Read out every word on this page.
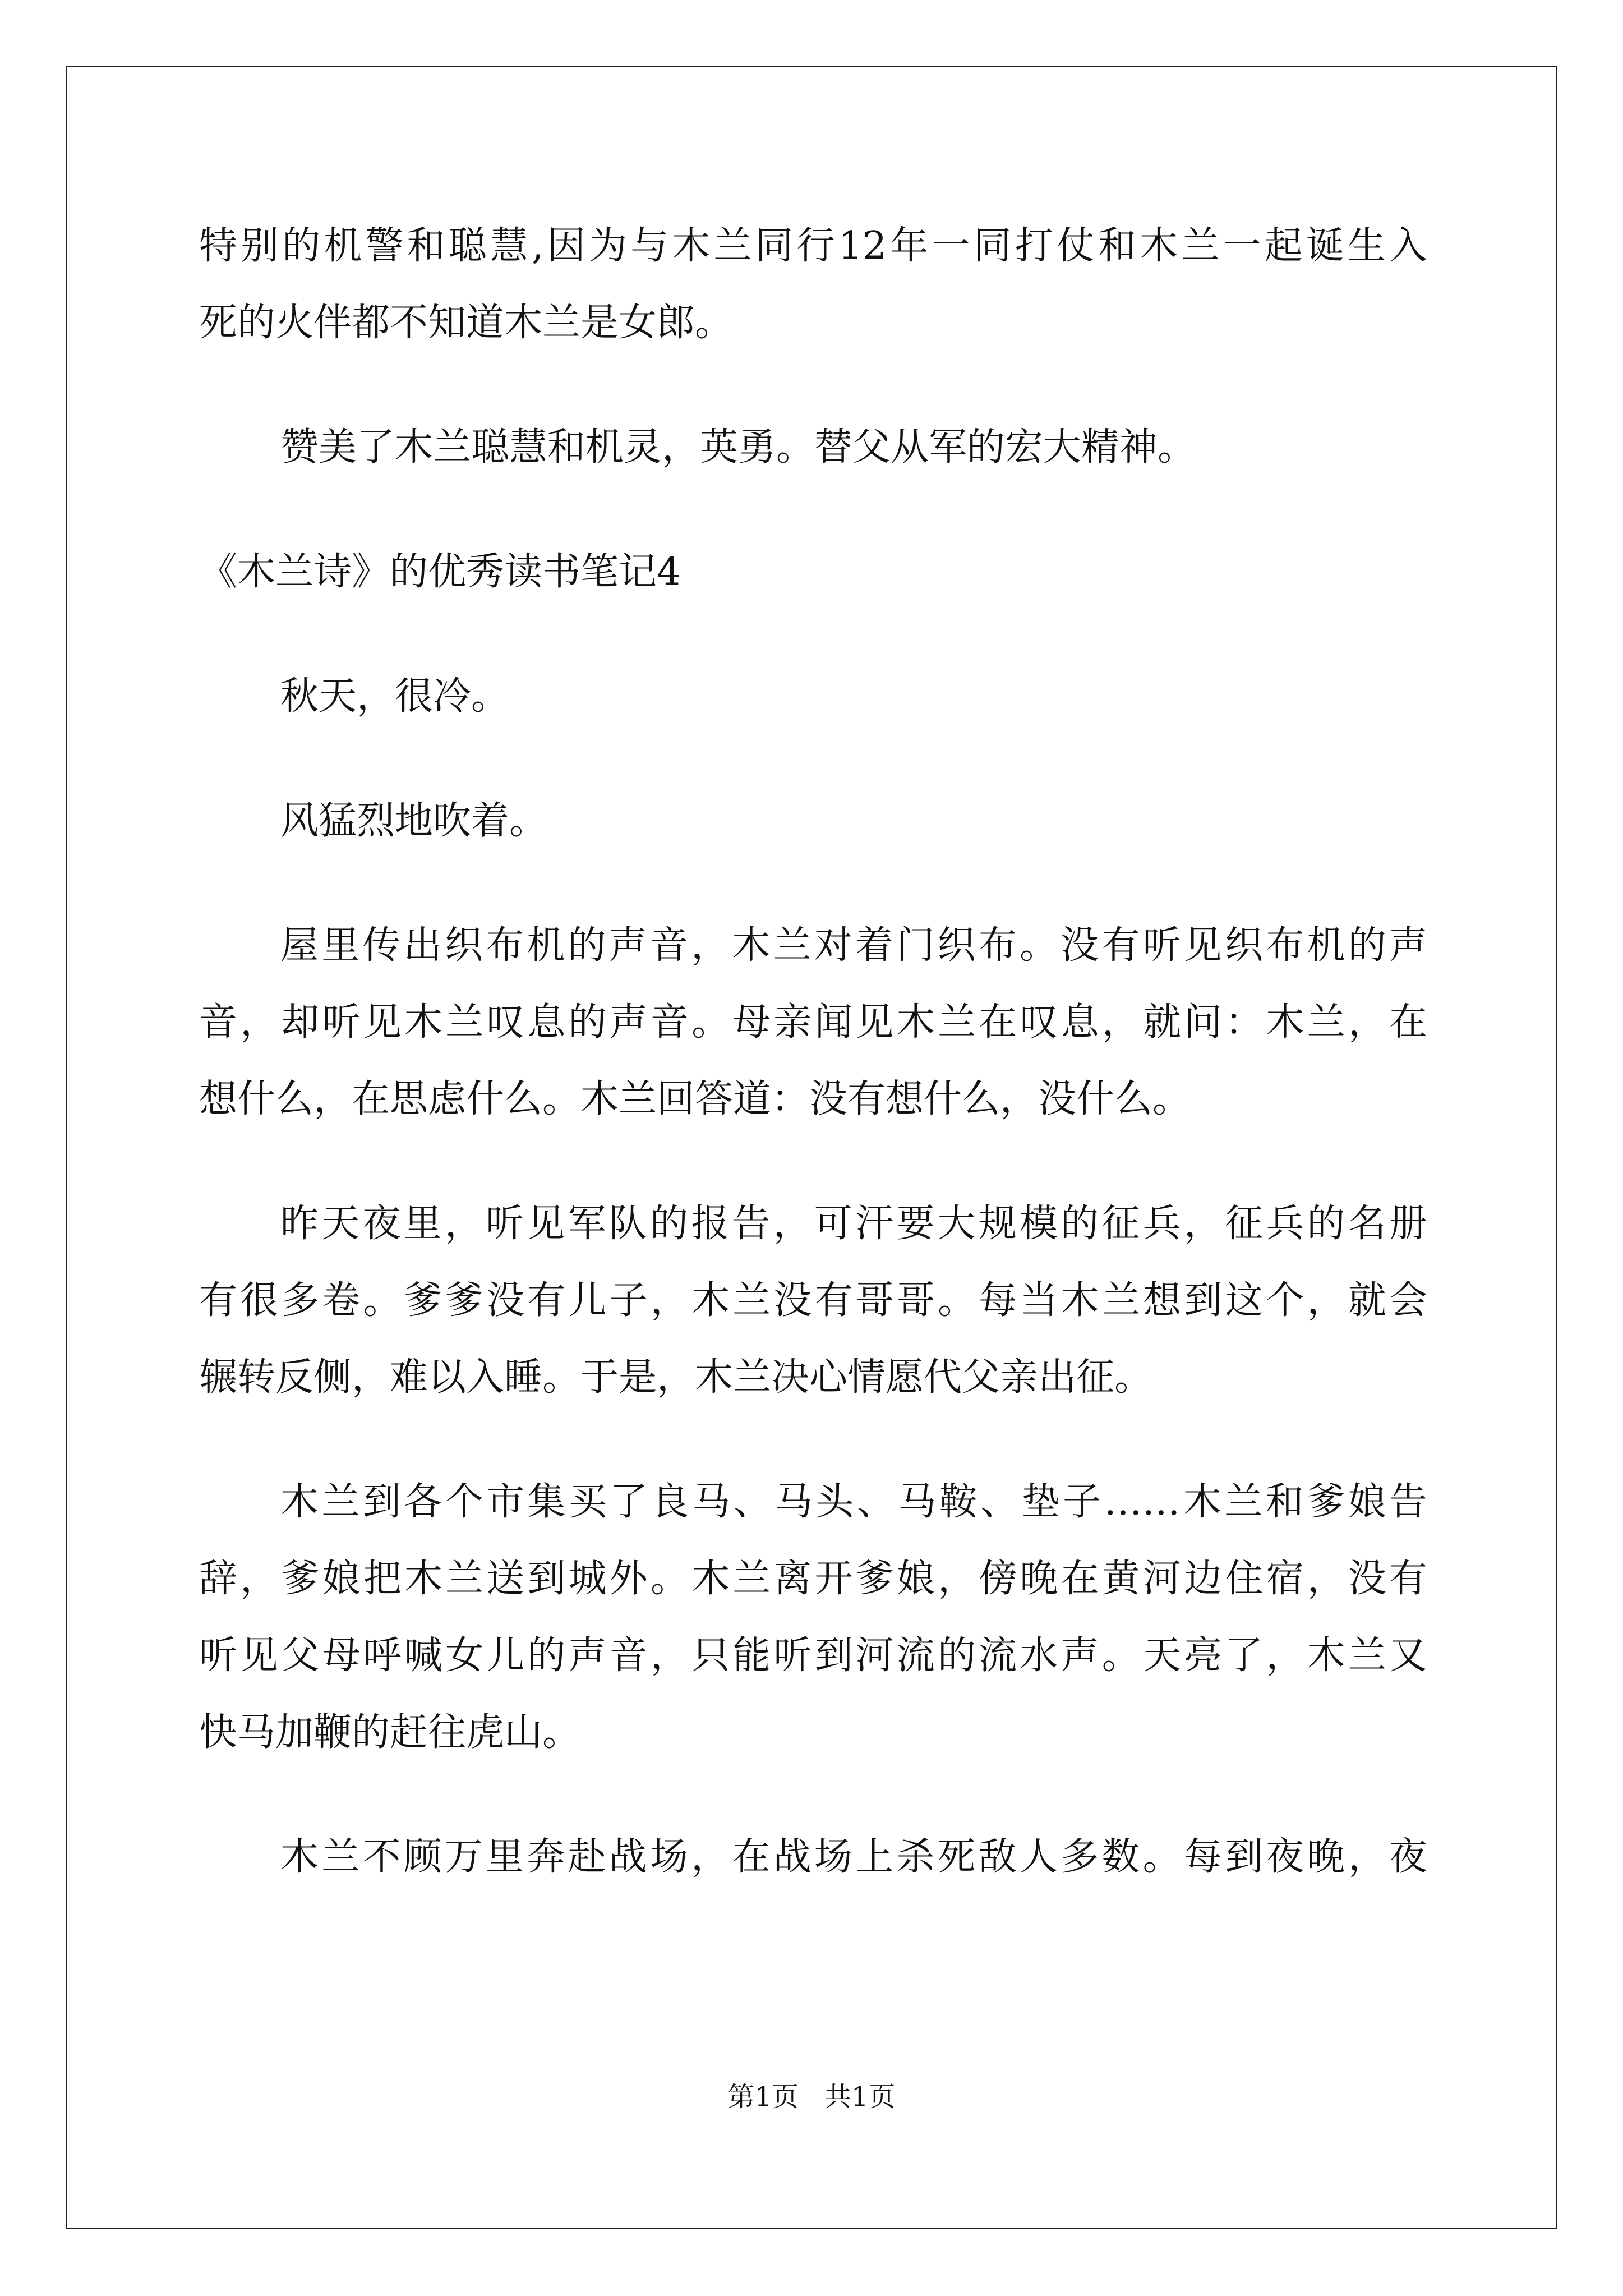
特别的机警和聪慧,因为与木兰同行12年一同打仗和木兰一起诞生入
死的火伴都不知道木兰是女郎。
赞美了木兰聪慧和机灵，英勇。替父从军的宏大精神。
《木兰诗》的优秀读书笔记4
秋天，很冷。
风猛烈地吹着。
屋里传出织布机的声音，木兰对着门织布。没有听见织布机的声
音，却听见木兰叹息的声音。母亲闻见木兰在叹息，就问：木兰，在
想什么，在思虑什么。木兰回答道：没有想什么，没什么。
昨天夜里，听见军队的报告，可汗要大规模的征兵，征兵的名册
有很多卷。爹爹没有儿子，木兰没有哥哥。每当木兰想到这个，就会
辗转反侧，难以入睡。于是，木兰决心情愿代父亲出征。
木兰到各个市集买了良马、马头、马鞍、垫子……木兰和爹娘告
辞，爹娘把木兰送到城外。木兰离开爹娘，傍晚在黄河边住宿，没有
听见父母呼喊女儿的声音，只能听到河流的流水声。天亮了，木兰又
快马加鞭的赶往虎山。
木兰不顾万里奔赴战场，在战场上杀死敌人多数。每到夜晚，夜
第1页   共1页
